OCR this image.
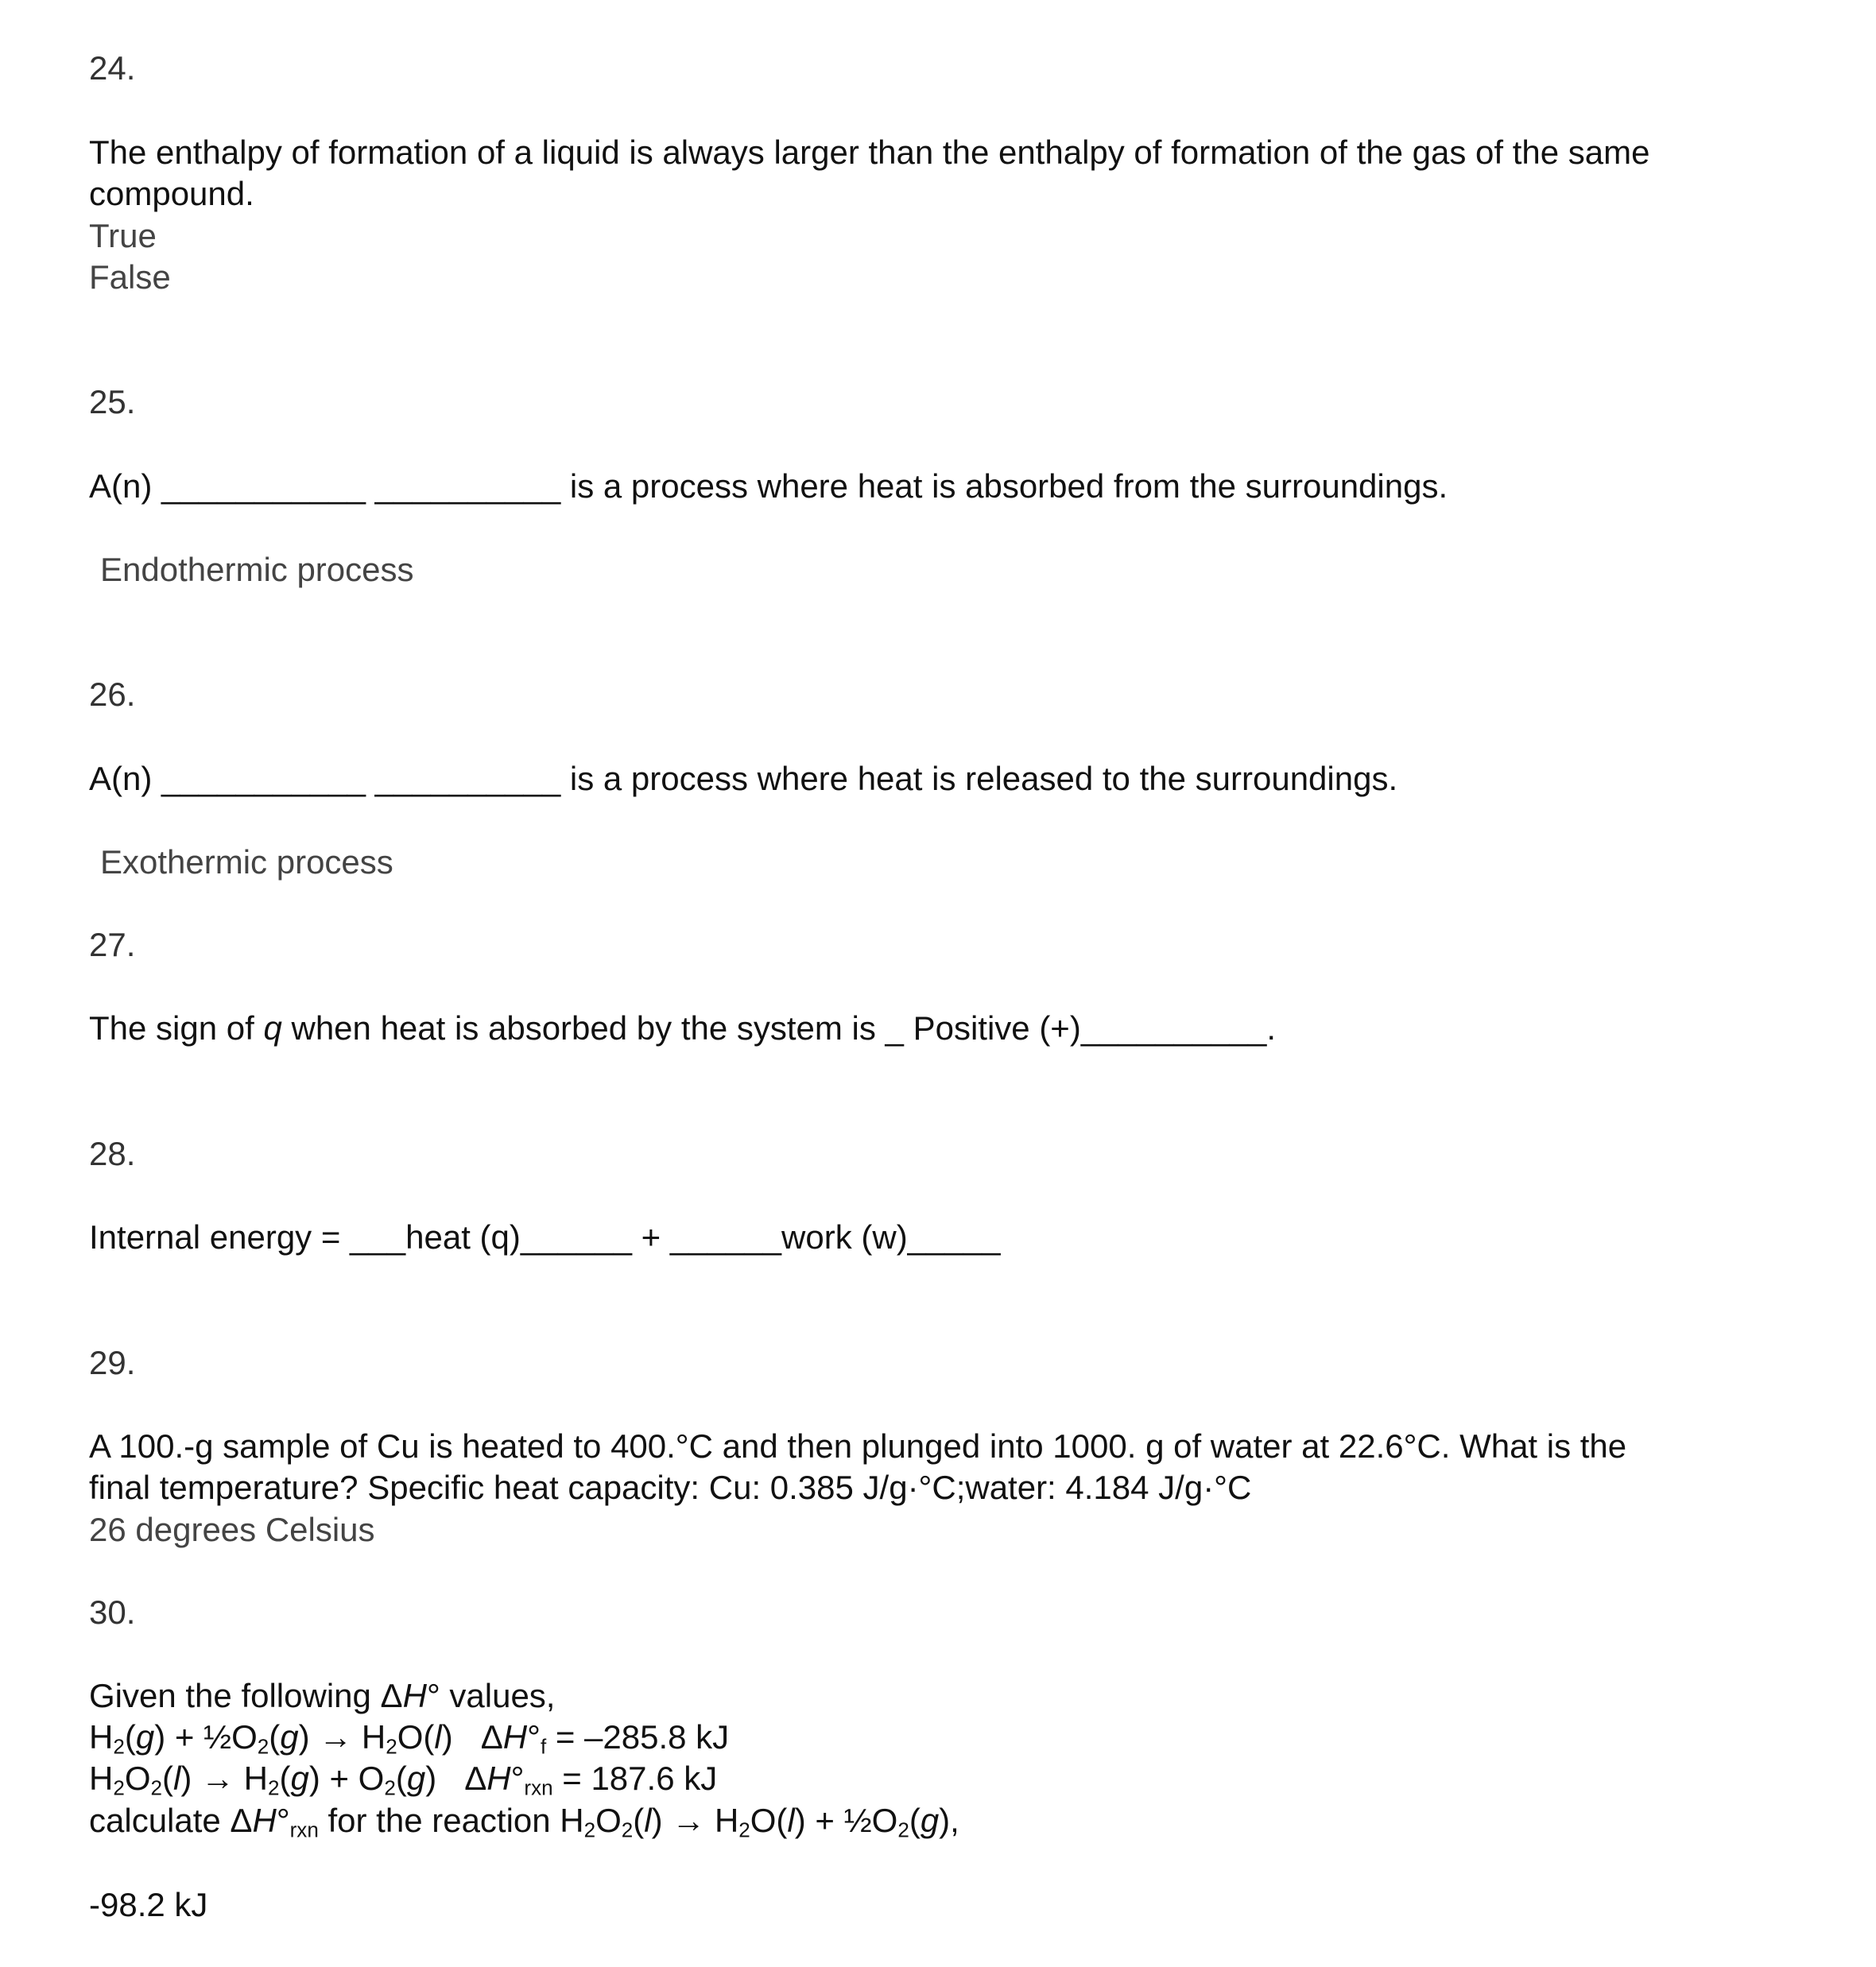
24.
The enthalpy of formation of a liquid is always larger than the enthalpy of formation of the gas of the same
compound.
True
False
25.
A(n) ___________ __________ is a process where heat is absorbed from the surroundings.
Endothermic process
26.
A(n) ___________ __________ is a process where heat is released to the surroundings.
Exothermic process
27.
The sign of q when heat is absorbed by the system is _ Positive (+)__________.
28.
Internal energy = ___heat (q)______ + ______work (w)_____
29.
A 100.-g sample of Cu is heated to 400.°C and then plunged into 1000. g of water at 22.6°C. What is the
final temperature? Specific heat capacity: Cu: 0.385 J/g·°C;water: 4.184 J/g·°C
26 degrees Celsius
30.
Given the following ΔH° values,
H2(g) + ½O2(g) → H2O(l)   ΔH°f = –285.8 kJ
H2O2(l) → H2(g) + O2(g)   ΔH°rxn = 187.6 kJ
calculate ΔH°rxn for the reaction H2O2(l) → H2O(l) + ½O2(g),
-98.2 kJ
